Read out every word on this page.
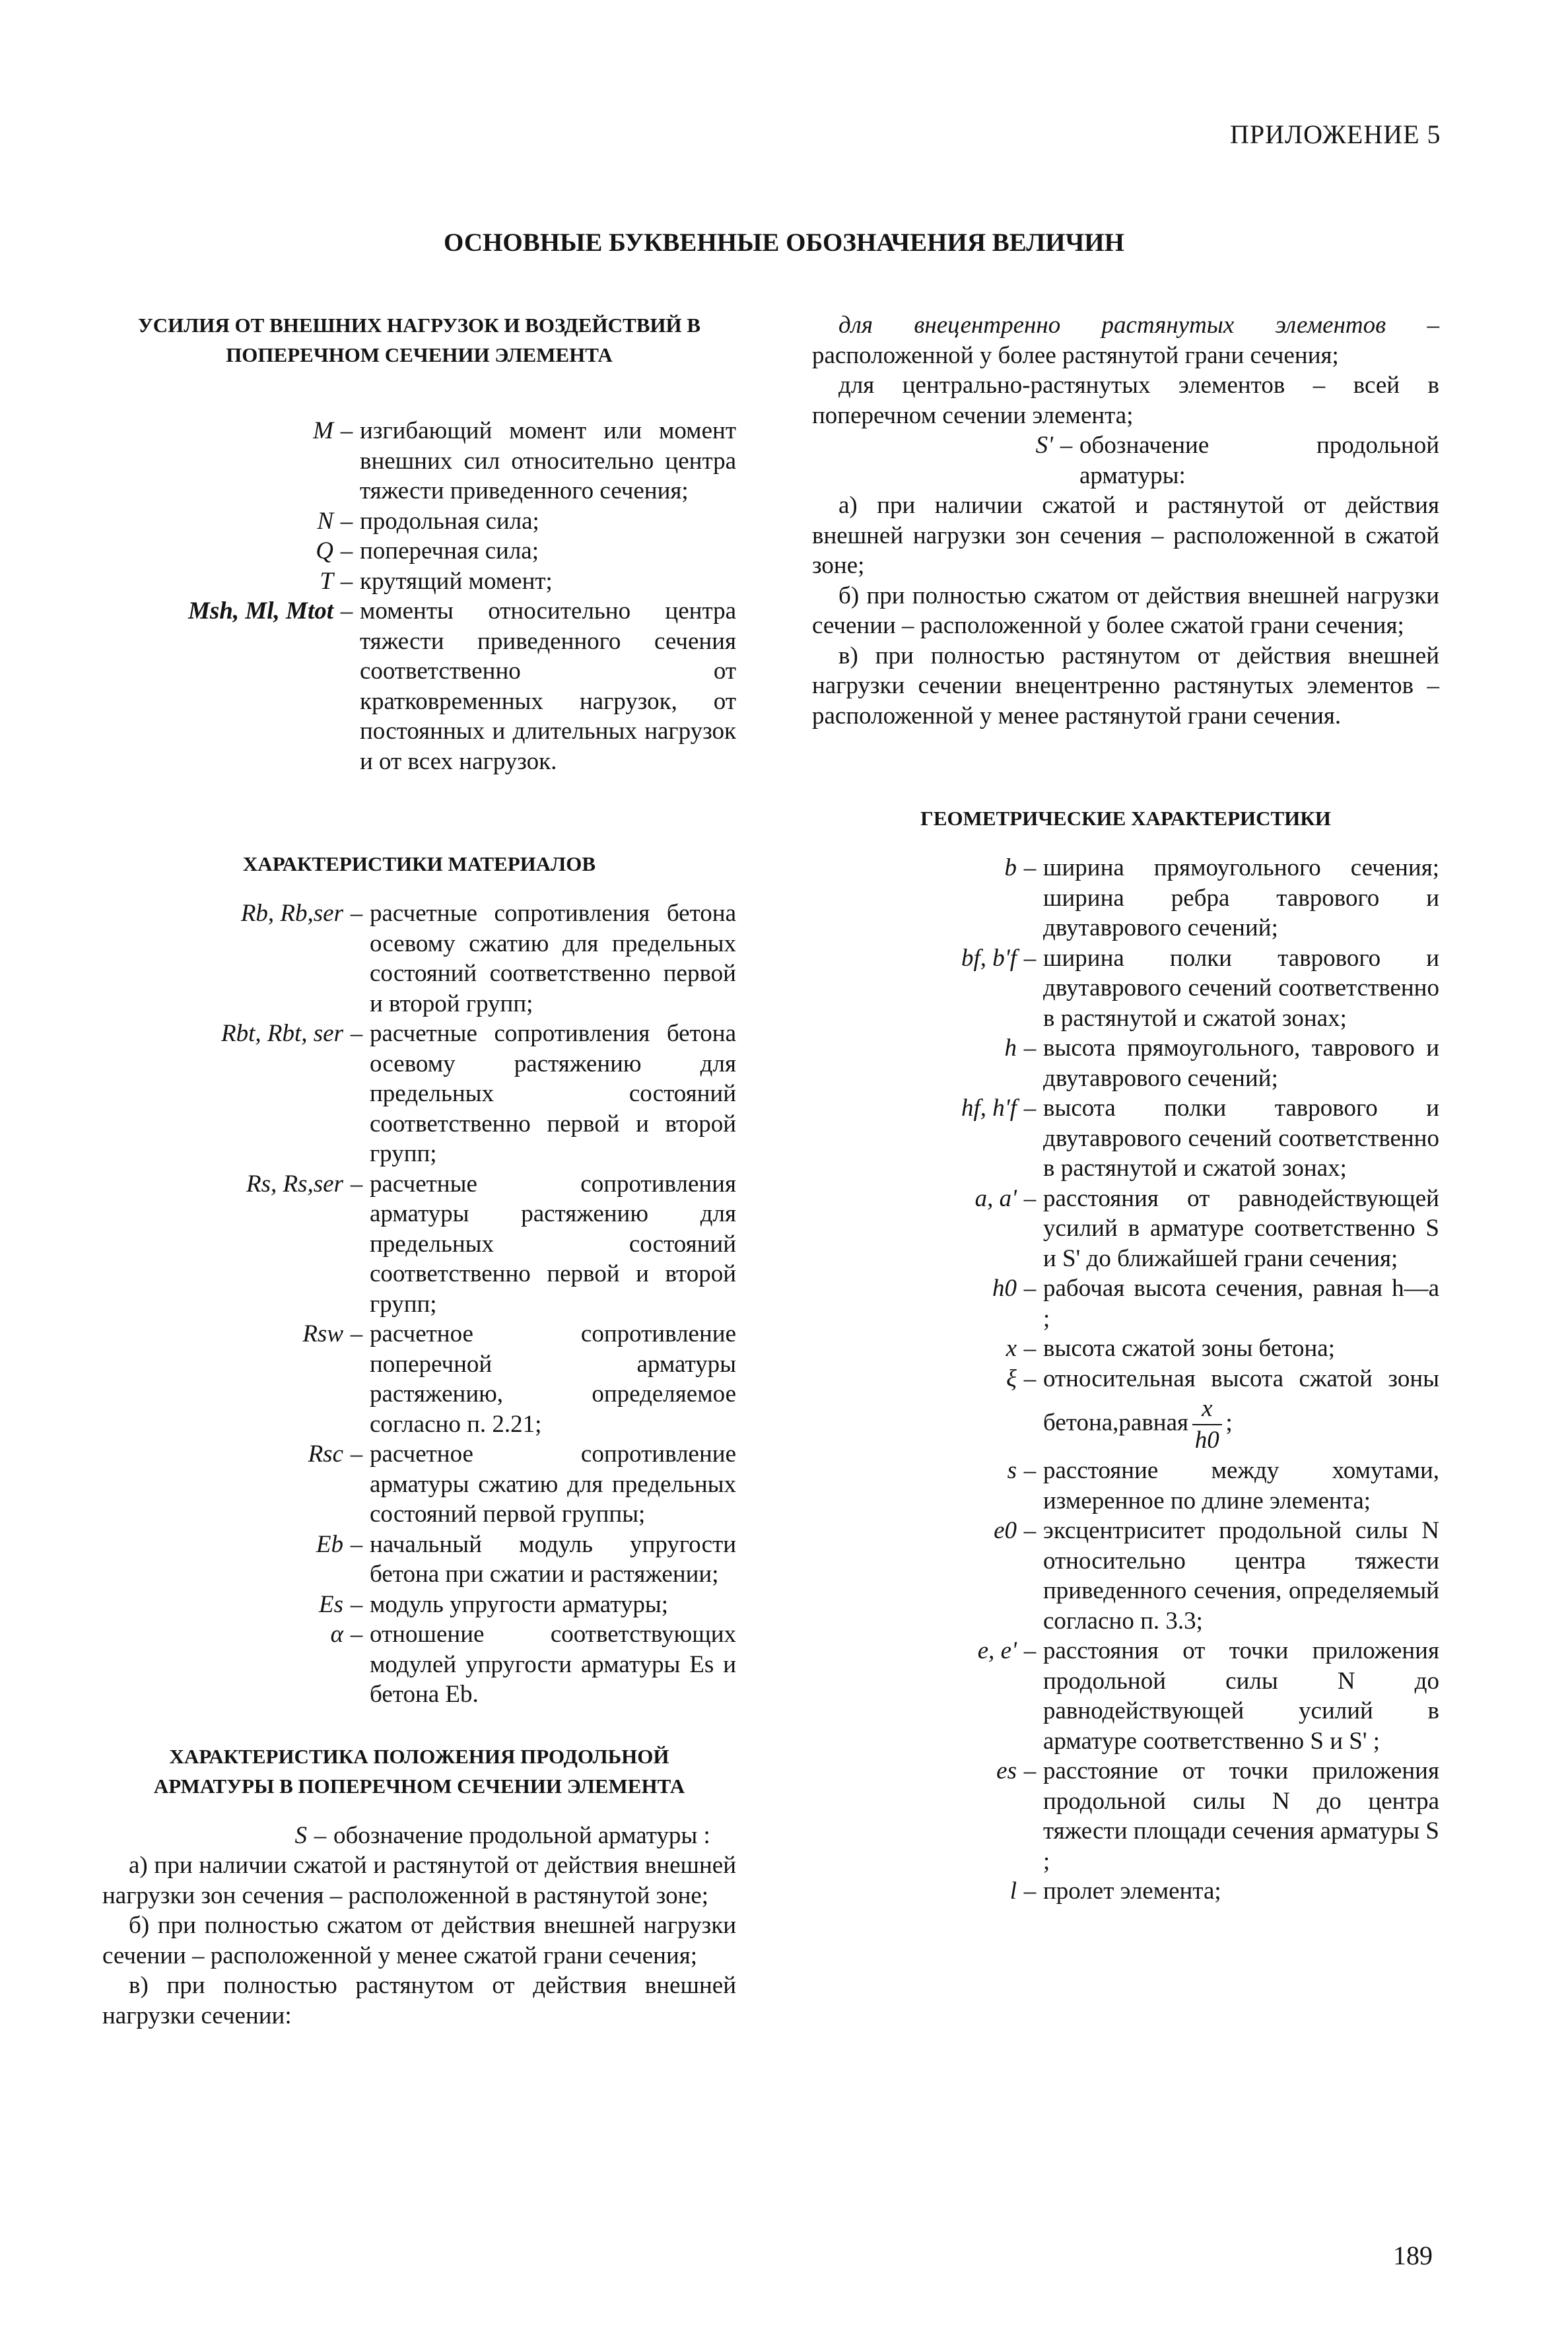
ПРИЛОЖЕНИЕ 5
ОСНОВНЫЕ БУКВЕННЫЕ ОБОЗНАЧЕНИЯ ВЕЛИЧИН
УСИЛИЯ ОТ ВНЕШНИХ НАГРУЗОК И ВОЗДЕЙСТВИЙ В ПОПЕРЕЧНОМ СЕЧЕНИИ ЭЛЕМЕНТА
M – изгибающий момент или момент внешних сил относительно центра тяжести приведенного сечения;
N – продольная сила;
Q – поперечная сила;
T – крутящий момент;
Msh, Ml, Mtot – моменты относительно центра тяжести приведенного сечения соответственно от кратковременных нагрузок, от постоянных и длительных нагрузок и от всех нагрузок.
ХАРАКТЕРИСТИКИ МАТЕРИАЛОВ
Rb, Rb,ser – расчетные сопротивления бетона осевому сжатию для предельных состояний соответственно первой и второй групп;
Rbt, Rbt, ser – расчетные сопротивления бетона осевому растяжению для предельных состояний соответственно первой и второй групп;
Rs, Rs,ser – расчетные сопротивления арматуры растяжению для предельных состояний соответственно первой и второй групп;
Rsw – расчетное сопротивление поперечной арматуры растяжению, определяемое согласно п. 2.21;
Rsc – расчетное сопротивление арматуры сжатию для предельных состояний первой группы;
Eb – начальный модуль упругости бетона при сжатии и растяжении;
Es – модуль упругости арматуры;
α – отношение соответствующих модулей упругости арматуры Es и бетона Eb.
ХАРАКТЕРИСТИКА ПОЛОЖЕНИЯ ПРОДОЛЬНОЙ АРМАТУРЫ В ПОПЕРЕЧНОМ СЕЧЕНИИ ЭЛЕМЕНТА
S – обозначение продольной арматуры :

а) при наличии сжатой и растянутой от действия внешней нагрузки зон сечения – расположенной в растянутой зоне;

б) при полностью сжатом от действия внешней нагрузки сечении – расположенной у менее сжатой грани сечения;

в) при полностью растянутом от действия внешней нагрузки сечении:

для внецентренно растянутых элементов – расположенной у более растянутой грани сечения;

для центрально-растянутых элементов – всей в поперечном сечении элемента;

S' – обозначение продольной арматуры:

а) при наличии сжатой и растянутой от действия внешней нагрузки зон сечения – расположенной в сжатой зоне;

б) при полностью сжатом от действия внешней нагрузки сечении – расположенной у более сжатой грани сечения;

в) при полностью растянутом от действия внешней нагрузки сечении внецентренно растянутых элементов – расположенной у менее растянутой грани сечения.

ГЕОМЕТРИЧЕСКИЕ ХАРАКТЕРИСТИКИ
b – ширина прямоугольного сечения; ширина ребра таврового и двутаврового сечений;
bf, b'f – ширина полки таврового и двутаврового сечений соответственно в растянутой и сжатой зонах;
h – высота прямоугольного, таврового и двутаврового сечений;
hf, h'f – высота полки таврового и двутаврового сечений соответственно в растянутой и сжатой зонах;
a, a' – расстояния от равнодействующей усилий в арматуре соответственно S и S' до ближайшей грани сечения;
h0 – рабочая высота сечения, равная h—a ;
x – высота сжатой зоны бетона;
ξ – относительная высота сжатой зоны бетона,равная $\frac{x}{h0}$ ;
s – расстояние между хомутами, измеренное по длине элемента;
e0 – эксцентриситет продольной силы N относительно центра тяжести приведенного сечения, определяемый согласно п. 3.3;
e, e' – расстояния от точки приложения продольной силы N до равнодействующей усилий в арматуре соответственно S и S' ;
es – расстояние от точки приложения продольной силы N до центра тяжести площади сечения арматуры S ;
l – пролет элемента;
189
